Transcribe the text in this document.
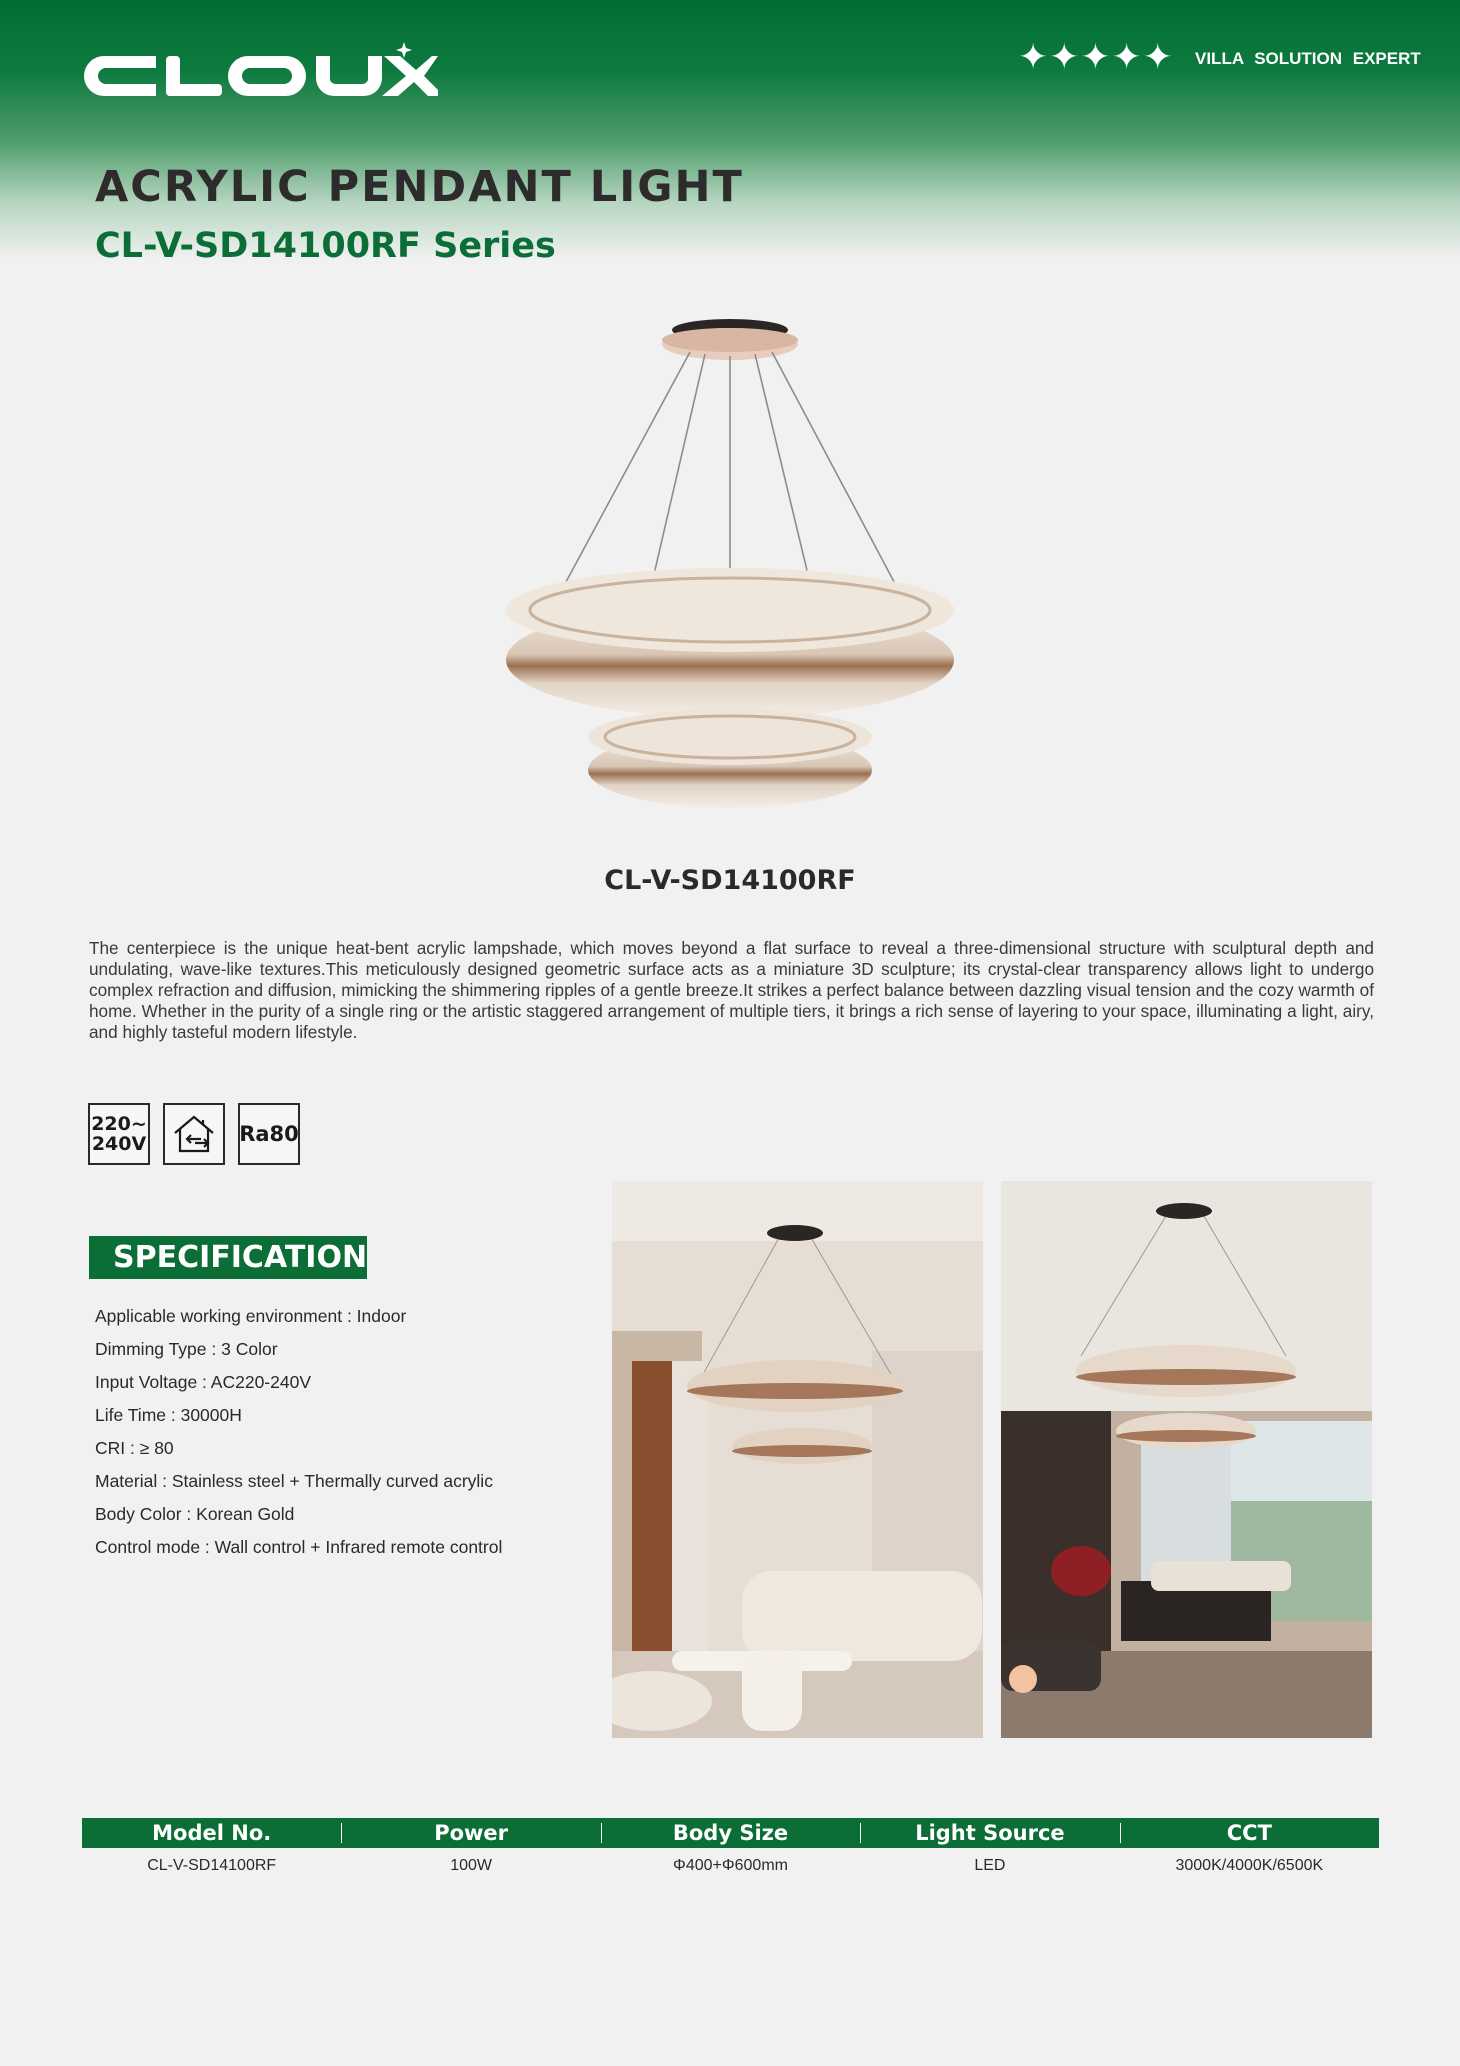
✦✦✦✦✦ VILLA SOLUTION EXPERT
ACRYLIC PENDANT LIGHT
CL-V-SD14100RF Series
CL-V-SD14100RF
The centerpiece is the unique heat-bent acrylic lampshade, which moves beyond a flat surface to reveal a three-dimensional structure with sculptural depth and undulating, wave-like textures.This meticulously designed geometric surface acts as a miniature 3D sculpture; its crystal-clear transparency allows light to undergo complex refraction and diffusion, mimicking the shimmering ripples of a gentle breeze.It strikes a perfect balance between dazzling visual tension and the cozy warmth of home. Whether in the purity of a single ring or the artistic staggered arrangement of multiple tiers, it brings a rich sense of layering to your space, illuminating a light, airy, and highly tasteful modern lifestyle.
220~
240V	Ra80
SPECIFICATION
Applicable working environment : Indoor
Dimming Type : 3 Color
Input Voltage : AC220-240V
Life Time : 30000H
CRI : ≥ 80
Material : Stainless steel + Thermally curved acrylic
Body Color : Korean Gold
Control mode : Wall control + Infrared remote control
Model No.	Power	Body Size	Light Source	CCT
CL-V-SD14100RF	100W	Φ400+Φ600mm	LED	3000K/4000K/6500K
